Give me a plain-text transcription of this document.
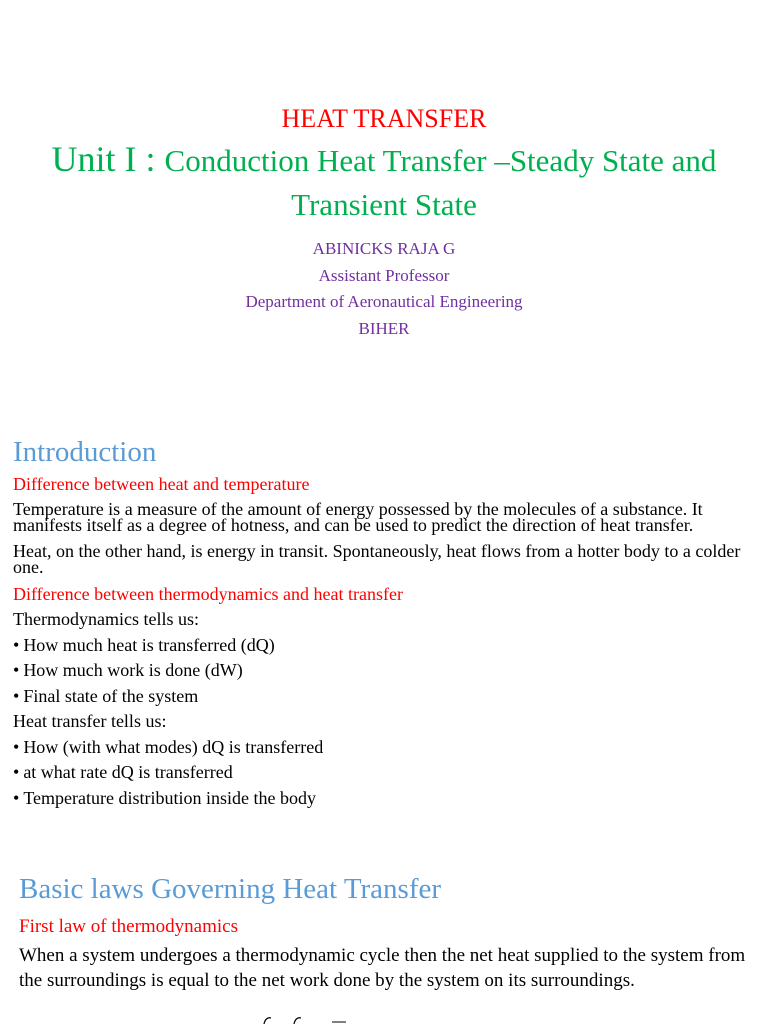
HEAT TRANSFER
Unit I : Conduction Heat Transfer –Steady State and Transient State
ABINICKS RAJA G
Assistant Professor
Department of Aeronautical Engineering
BIHER
Introduction
Difference between heat and temperature
Temperature is a measure of the amount of energy possessed by the molecules of a substance. It manifests itself as a degree of hotness, and can be used to predict the direction of heat transfer.
Heat, on the other hand, is energy in transit. Spontaneously, heat flows from a hotter body to a colder one.
Difference between thermodynamics and heat transfer
Thermodynamics tells us:
• How much heat is transferred (dQ)
• How much work is done (dW)
• Final state of the system
Heat transfer tells us:
• How (with what modes) dQ is transferred
• at what rate dQ is transferred
• Temperature distribution inside the body
Basic laws Governing Heat Transfer
First law of thermodynamics
When a system undergoes a thermodynamic cycle then the net heat supplied to the system from the surroundings is equal to the net work done by the system on its surroundings.
